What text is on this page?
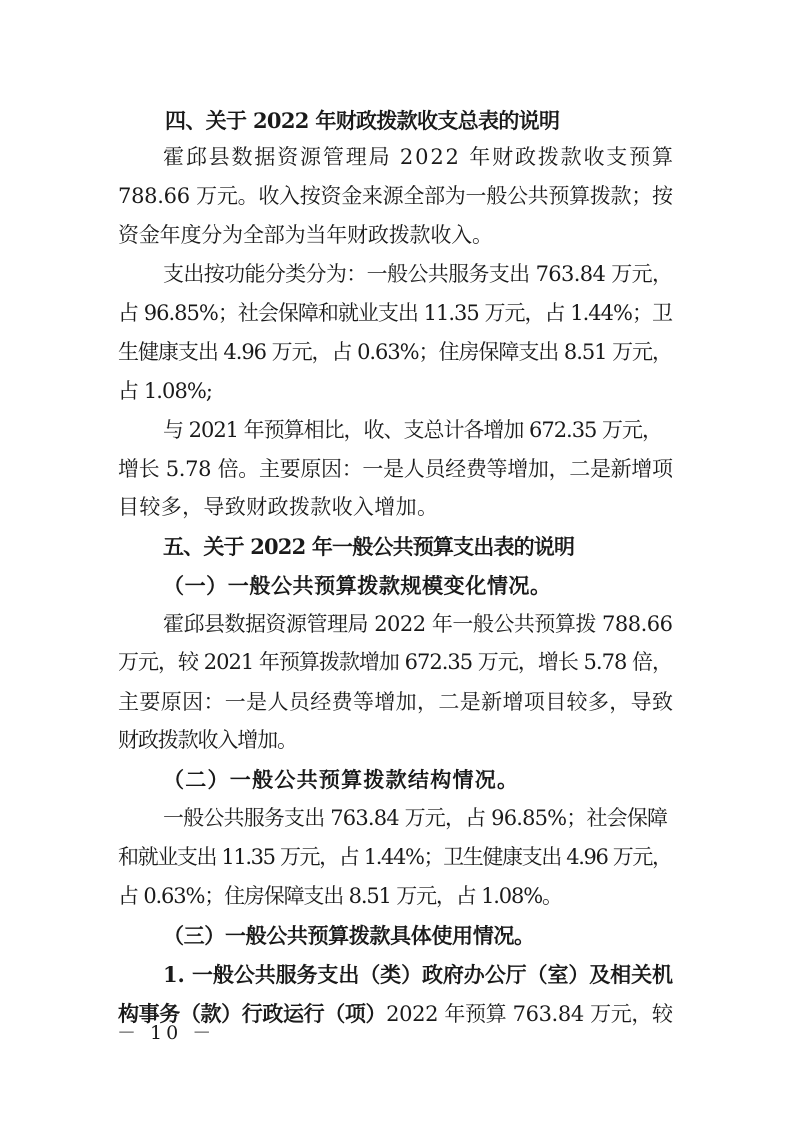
四、关于 2022 年财政拨款收支总表的说明
霍邱县数据资源管理局 2022 年财政拨款收支预算
788.66 万元。收入按资金来源全部为一般公共预算拨款；按
资金年度分为全部为当年财政拨款收入。
支出按功能分类分为：一般公共服务支出 763.84 万元，
占 96.85%；社会保障和就业支出 11.35 万元，占 1.44%；卫
生健康支出 4.96 万元，占 0.63%；住房保障支出 8.51 万元，
占 1.08%;
与 2021 年预算相比，收、支总计各增加 672.35 万元，
增长 5.78 倍。主要原因：一是人员经费等增加，二是新增项
目较多，导致财政拨款收入增加。
五、关于 2022 年一般公共预算支出表的说明
（一）一般公共预算拨款规模变化情况。
霍邱县数据资源管理局 2022 年一般公共预算拨 788.66
万元，较 2021 年预算拨款增加 672.35 万元，增长 5.78 倍，
主要原因：一是人员经费等增加，二是新增项目较多，导致
财政拨款收入增加。
（二）一般公共预算拨款结构情况。
一般公共服务支出 763.84 万元，占 96.85%；社会保障
和就业支出 11.35 万元，占 1.44%；卫生健康支出 4.96 万元，
占 0.63%；住房保障支出 8.51 万元，占 1.08%。
（三）一般公共预算拨款具体使用情况。
1. 一般公共服务支出（类）政府办公厅（室）及相关机
构事务（款）行政运行（项）2022 年预算 763.84 万元，较
－ 10 －
